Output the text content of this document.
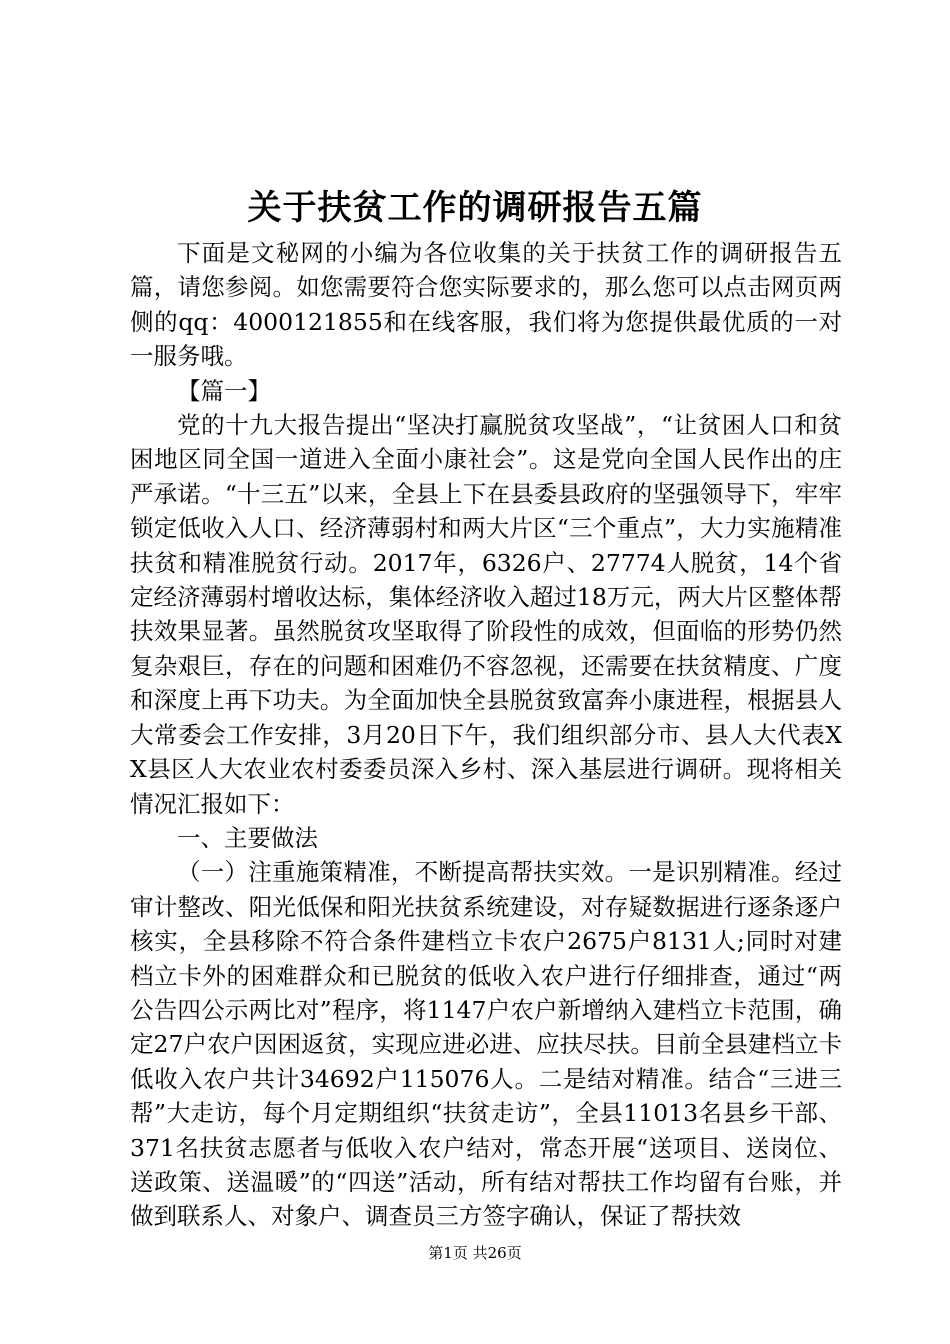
关于扶贫工作的调研报告五篇

下面是文秘网的小编为各位收集的关于扶贫工作的调研报告五篇，请您参阅。如您需要符合您实际要求的，那么您可以点击网页两侧的qq：4000121855和在线客服，我们将为您提供最优质的一对一服务哦。

【篇一】

党的十九大报告提出“坚决打赢脱贫攻坚战”，“让贫困人口和贫困地区同全国一道进入全面小康社会”。这是党向全国人民作出的庄严承诺。“十三五”以来，全县上下在县委县政府的坚强领导下，牢牢锁定低收入人口、经济薄弱村和两大片区“三个重点”，大力实施精准扶贫和精准脱贫行动。2017年，6326户、27774人脱贫，14个省定经济薄弱村增收达标，集体经济收入超过18万元，两大片区整体帮扶效果显著。虽然脱贫攻坚取得了阶段性的成效，但面临的形势仍然复杂艰巨，存在的问题和困难仍不容忽视，还需要在扶贫精度、广度和深度上再下功夫。为全面加快全县脱贫致富奔小康进程，根据县人大常委会工作安排，3月20日下午，我们组织部分市、县人大代表XX县区人大农业农村委委员深入乡村、深入基层进行调研。现将相关情况汇报如下：

一、主要做法

（一）注重施策精准，不断提高帮扶实效。一是识别精准。经过审计整改、阳光低保和阳光扶贫系统建设，对存疑数据进行逐条逐户核实，全县移除不符合条件建档立卡农户2675户8131人;同时对建档立卡外的困难群众和已脱贫的低收入农户进行仔细排查，通过“两公告四公示两比对”程序，将1147户农户新增纳入建档立卡范围，确定27户农户因困返贫，实现应进必进、应扶尽扶。目前全县建档立卡低收入农户共计34692户115076人。二是结对精准。结合“三进三帮”大走访，每个月定期组织“扶贫走访”，全县11013名县乡干部、371名扶贫志愿者与低收入农户结对，常态开展“送项目、送岗位、送政策、送温暖”的“四送”活动，所有结对帮扶工作均留有台账，并做到联系人、对象户、调查员三方签字确认，保证了帮扶效

第1页 共26页
